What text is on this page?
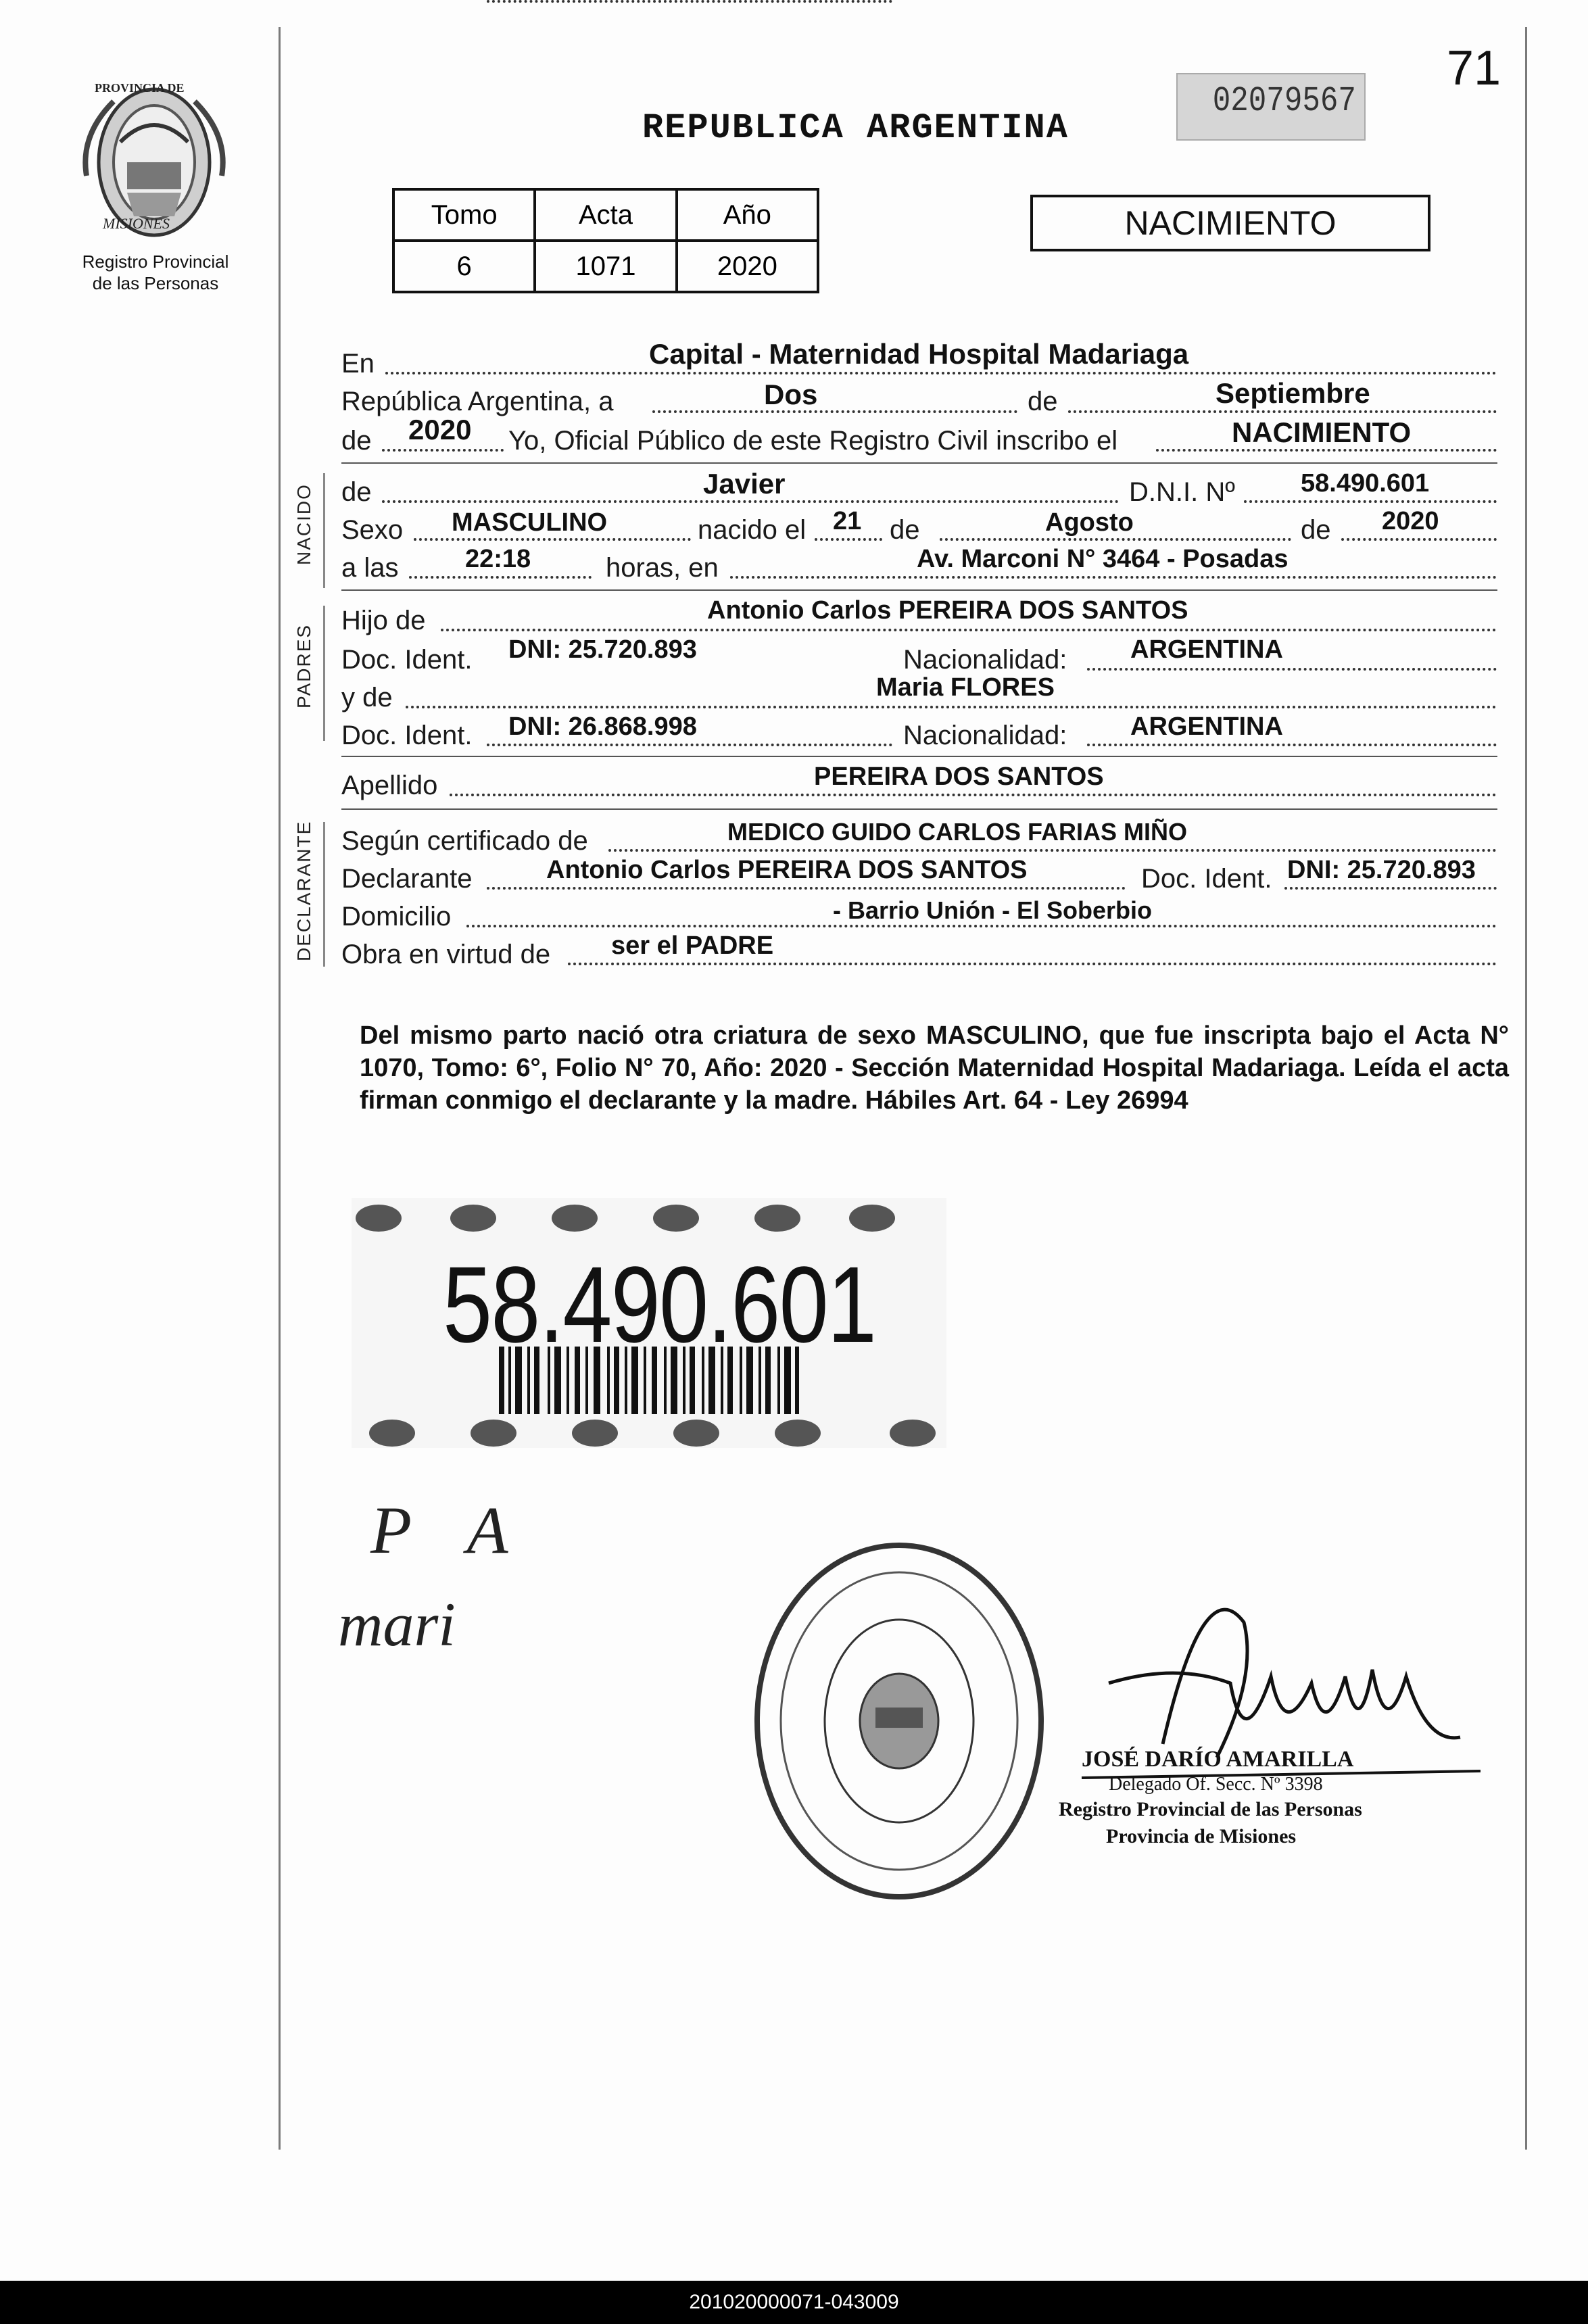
PROVINCIA DE
MISIONES
Registro Provincial
de las Personas
REPUBLICA ARGENTINA
02079567
71
Tomo	Acta	Año
6	1071	2020
NACIMIENTO
En	Capital - Maternidad Hospital Madariaga
República Argentina, a	Dos	de	Septiembre
de 2020 Yo, Oficial Público de este Registro Civil inscribo el	NACIMIENTO
NACIDO de	Javier	D.N.I. Nº	58.490.601
Sexo MASCULINO	nacido el 21 de	Agosto	de 2020
a las	22:18	horas, en	Av. Marconi N° 3464 - Posadas
PADRES
Hijo de	Antonio Carlos PEREIRA DOS SANTOS
Doc. Ident. DNI: 25.720.893	Nacionalidad: ARGENTINA
y de	Maria FLORES
Doc. Ident. DNI: 26.868.998	Nacionalidad: ARGENTINA
Apellido	PEREIRA DOS SANTOS
DECLARANTE Según certificado de	MEDICO GUIDO CARLOS FARIAS MIÑO
Declarante	Antonio Carlos PEREIRA DOS SANTOS	Doc. Ident. DNI: 25.720.893
Domicilio	- Barrio Unión - El Soberbio
Obra en virtud de ser el PADRE
Del mismo parto nació otra criatura de sexo MASCULINO, que fue inscripta bajo el Acta N° 1070, Tomo: 6°, Folio N° 70, Año: 2020 - Sección Maternidad Hospital Madariaga. Leída el acta firman conmigo el declarante y la madre. Hábiles Art. 64 - Ley 26994
58.490.601
P A
mari
JOSÉ DARÍO AMARILLA
Delegado Of. Secc. Nº 3398
Registro Provincial de las Personas
Provincia de Misiones
201020000071-043009
